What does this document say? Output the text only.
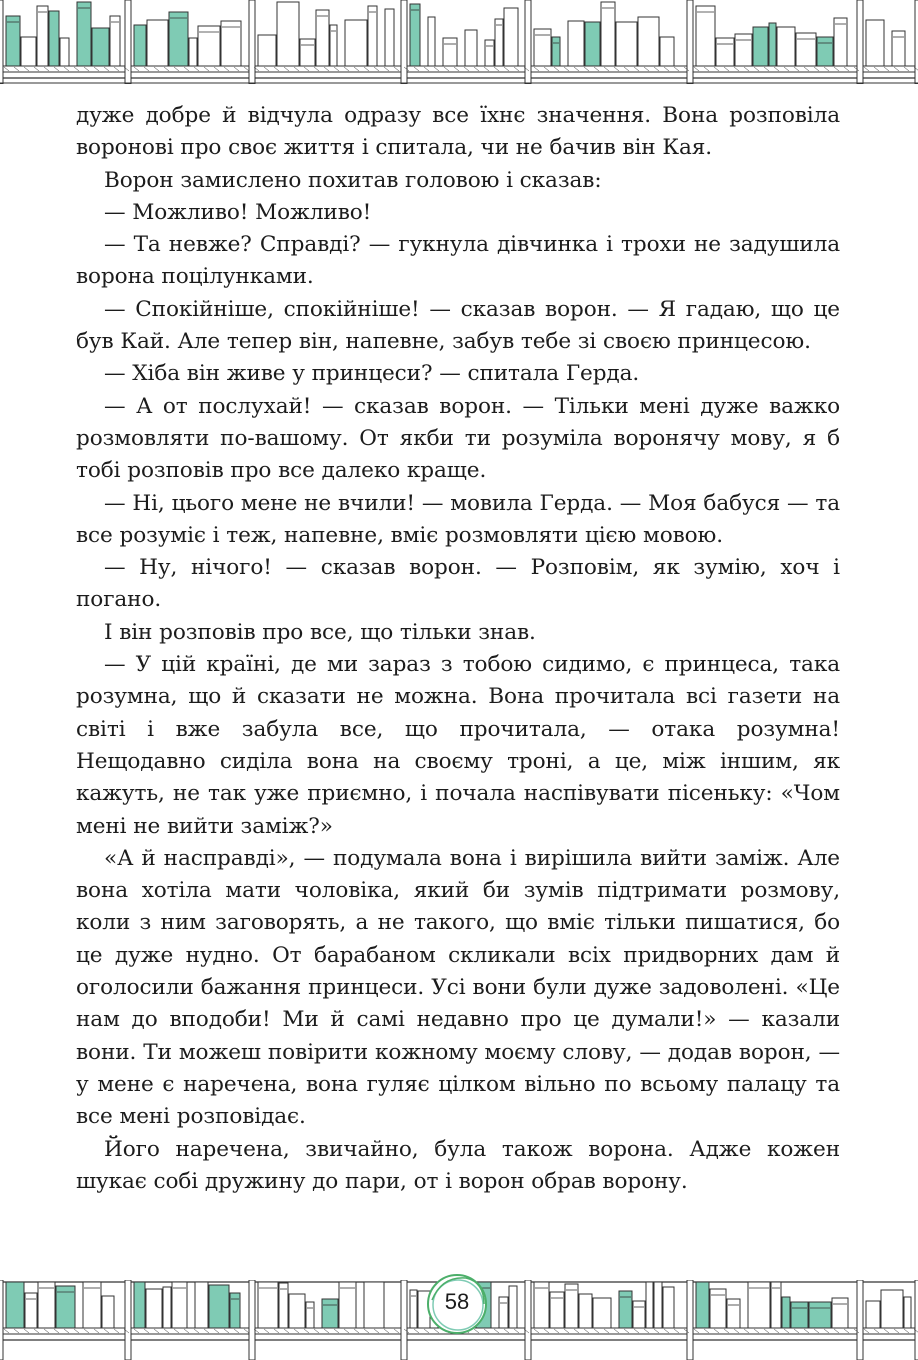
дуже добре й відчула одразу все їхнє значення. Вона розповіла воронові про своє життя і спитала, чи не бачив він Кая.

Ворон замислено похитав головою і сказав:

— Можливо! Можливо!

— Та невже? Справді? — гукнула дівчинка і трохи не задушила ворона поцілунками.

— Спокійніше, спокійніше! — сказав ворон. — Я гадаю, що це був Кай. Але тепер він, напевне, забув тебе зі своєю принцесою.

— Хіба він живе у принцеси? — спитала Герда.

— А от послухай! — сказав ворон. — Тільки мені дуже важко розмовляти по-вашому. От якби ти розуміла воронячу мову, я б тобі розповів про все далеко краще.

— Ні, цього мене не вчили! — мовила Герда. — Моя бабуся — та все розуміє і теж, напевне, вміє розмовляти цією мовою.

— Ну, нічого! — сказав ворон. — Розповім, як зумію, хоч і погано.

І він розповів про все, що тільки знав.

— У цій країні, де ми зараз з тобою сидимо, є принцеса, така розумна, що й сказати не можна. Вона прочитала всі газети на світі і вже забула все, що прочитала, — отака розумна! Нещодавно сиділа вона на своєму троні, а це, між іншим, як кажуть, не так уже приємно, і почала наспівувати пісеньку: «Чом мені не вийти заміж?»

«А й насправді», — подумала вона і вирішила вийти заміж. Але вона хотіла мати чоловіка, який би зумів підтримати розмову, коли з ним заговорять, а не такого, що вміє тільки пишатися, бо це дуже нудно. От барабаном скликали всіх придворних дам й оголосили бажання принцеси. Усі вони були дуже задоволені. «Це нам до вподоби! Ми й самі недавно про це думали!» — казали вони. Ти можеш повірити кожному моєму слову, — додав ворон, — у мене є наречена, вона гуляє цілком вільно по всьому палацу та все мені розповідає.

Його наречена, звичайно, була також ворона. Адже кожен шукає собі дружину до пари, от і ворон обрав ворону.

58
